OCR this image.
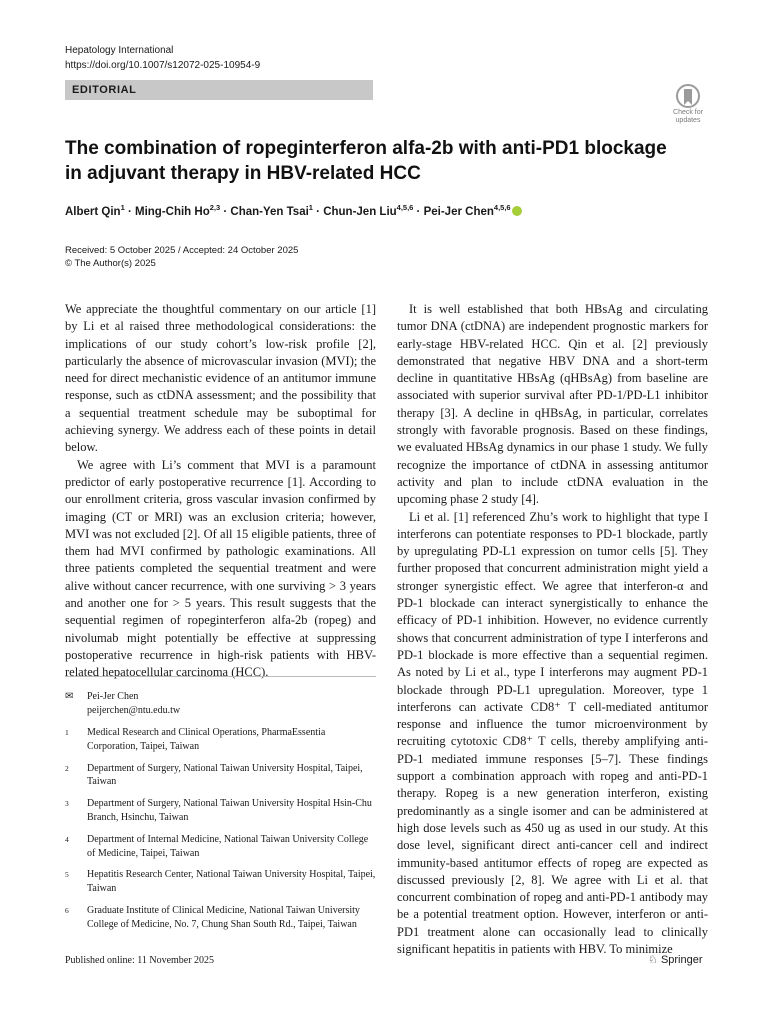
Hepatology International
https://doi.org/10.1007/s12072-025-10954-9
EDITORIAL
Check for
updates
The combination of ropeginterferon alfa-2b with anti-PD1 blockage in adjuvant therapy in HBV-related HCC
Albert Qin$^1$ · Ming-Chih Ho$^{2,3}$ · Chan-Yen Tsai$^1$ · Chun-Jen Liu$^{4,5,6}$ · Pei-Jer Chen$^{4,5,6}$
Received: 5 October 2025 / Accepted: 24 October 2025
© The Author(s) 2025

We appreciate the thoughtful commentary on our article [1] by Li et al raised three methodological considerations: the implications of our study cohort’s low-risk profile [2], particularly the absence of microvascular invasion (MVI); the need for direct mechanistic evidence of an antitumor immune response, such as ctDNA assessment; and the possibility that a sequential treatment schedule may be suboptimal for achieving synergy. We address each of these points in detail below.

We agree with Li’s comment that MVI is a paramount predictor of early postoperative recurrence [1]. According to our enrollment criteria, gross vascular invasion confirmed by imaging (CT or MRI) was an exclusion criteria; however, MVI was not excluded [2]. Of all 15 eligible patients, three of them had MVI confirmed by pathologic examinations. All three patients completed the sequential treatment and were alive without cancer recurrence, with one surviving > 3 years and another one for > 5 years. This result suggests that the sequential regimen of ropeginterferon alfa-2b (ropeg) and nivolumab might potentially be effective at suppressing postoperative recurrence in high-risk patients with HBV-related hepatocellular carcinoma (HCC).

It is well established that both HBsAg and circulating tumor DNA (ctDNA) are independent prognostic markers for early-stage HBV-related HCC. Qin et al. [2] previously demonstrated that negative HBV DNA and a short-term decline in quantitative HBsAg (qHBsAg) from baseline are associated with superior survival after PD-1/PD-L1 inhibitor therapy [3]. A decline in qHBsAg, in particular, correlates strongly with favorable prognosis. Based on these findings, we evaluated HBsAg dynamics in our phase 1 study. We fully recognize the importance of ctDNA in assessing antitumor activity and plan to include ctDNA evaluation in the upcoming phase 2 study [4].

Li et al. [1] referenced Zhu’s work to highlight that type I interferons can potentiate responses to PD-1 blockade, partly by upregulating PD-L1 expression on tumor cells [5]. They further proposed that concurrent administration might yield a stronger synergistic effect. We agree that interferon-α and PD-1 blockade can interact synergistically to enhance the efficacy of PD-1 inhibition. However, no evidence currently shows that concurrent administration of type I interferons and PD-1 blockade is more effective than a sequential regimen. As noted by Li et al., type I interferons may augment PD-1 blockade through PD-L1 upregulation. Moreover, type 1 interferons can activate CD8⁺ T cell-mediated antitumor response and influence the tumor microenvironment by recruiting cytotoxic CD8⁺ T cells, thereby amplifying anti-PD-1 mediated immune responses [5–7]. These findings support a combination approach with ropeg and anti-PD-1 therapy. Ropeg is a new generation interferon, existing predominantly as a single isomer and can be administered at high dose levels such as 450 ug as used in our study. At this dose level, significant direct anti-cancer cell and indirect immunity-based antitumor effects of ropeg are expected as discussed previously [2, 8]. We agree with Li et al. that concurrent combination of ropeg and anti-PD-1 antibody may be a potential treatment option. However, interferon or anti-PD1 treatment alone can occasionally lead to clinically significant hepatitis in patients with HBV. To minimize

✉ Pei-Jer Chen
peijerchen@ntu.edu.tw
1	Medical Research and Clinical Operations, PharmaEssentia Corporation, Taipei, Taiwan
2	Department of Surgery, National Taiwan University Hospital, Taipei, Taiwan
3	Department of Surgery, National Taiwan University Hospital Hsin-Chu Branch, Hsinchu, Taiwan
4	Department of Internal Medicine, National Taiwan University College of Medicine, Taipei, Taiwan
5	Hepatitis Research Center, National Taiwan University Hospital, Taipei, Taiwan
6	Graduate Institute of Clinical Medicine, National Taiwan University College of Medicine, No. 7, Chung Shan South Rd., Taipei, Taiwan
Published online: 11 November 2025	♘ Springer
